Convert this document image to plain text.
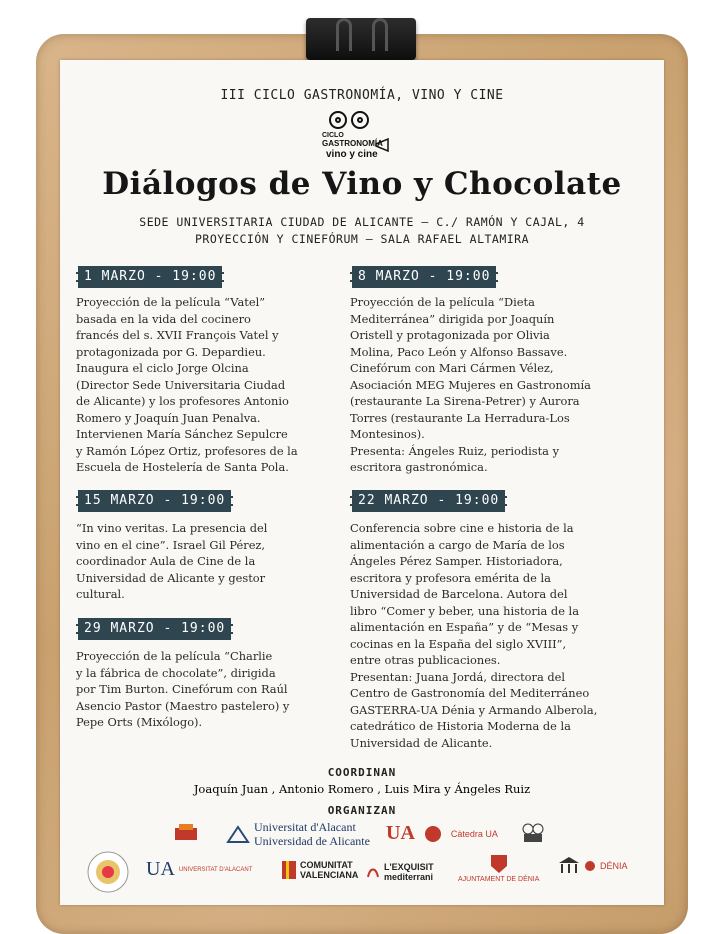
III CICLO GASTRONOMÍA, VINO Y CINE
CICLO
GASTRONOMÍA
vino y cine
Diálogos de Vino y Chocolate
SEDE UNIVERSITARIA CIUDAD DE ALICANTE – C./ RAMÓN Y CAJAL, 4
PROYECCIÓN Y CINEFÓRUM – SALA RAFAEL ALTAMIRA
1 MARZO - 19:00
Proyección de la película “Vatel”
basada en la vida del cocinero
francés del s. XVII François Vatel y
protagonizada por G. Depardieu.
Inaugura el ciclo Jorge Olcina
(Director Sede Universitaria Ciudad
de Alicante) y los profesores Antonio
Romero y Joaquín Juan Penalva.
Intervienen María Sánchez Sepulcre
y Ramón López Ortiz, profesores de la
Escuela de Hostelería de Santa Pola.
8 MARZO - 19:00
Proyección de la película “Dieta
Mediterránea” dirigida por Joaquín
Oristell y protagonizada por Olivia
Molina, Paco León y Alfonso Bassave.
Cinefórum con Mari Cármen Vélez,
Asociación MEG Mujeres en Gastronomía
(restaurante La Sirena-Petrer) y Aurora
Torres (restaurante La Herradura-Los
Montesinos).
Presenta: Ángeles Ruiz, periodista y
escritora gastronómica.
15 MARZO - 19:00
“In vino veritas. La presencia del
vino en el cine”. Israel Gil Pérez,
coordinador Aula de Cine de la
Universidad de Alicante y gestor
cultural.
22 MARZO - 19:00
Conferencia sobre cine e historia de la
alimentación a cargo de María de los
Ángeles Pérez Samper. Historiadora,
escritora y profesora emérita de la
Universidad de Barcelona. Autora del
libro “Comer y beber, una historia de la
alimentación en España” y de “Mesas y
cocinas en la España del siglo XVIII”,
entre otras publicaciones.
Presentan: Juana Jordá, directora del
Centro de Gastronomía del Mediterráneo
GASTERRA-UA Dénia y Armando Alberola,
catedrático de Historia Moderna de la
Universidad de Alicante.
29 MARZO - 19:00
Proyección de la película “Charlie
y la fábrica de chocolate”, dirigida
por Tim Burton. Cinefórum con Raúl
Asencio Pastor (Maestro pastelero) y
Pepe Orts (Mixólogo).
COORDINAN
Joaquín Juan , Antonio Romero , Luis Mira y Ángeles Ruiz
ORGANIZAN
Universitat d'Alacant
Universidad de Alicante UA	Càtedra UA
UA UNIVERSITAT D'ALACANT	COMUNITAT VALENCIANA
L'EXQUISIT
mediterrani	AJUNTAMENT DE DÉNIA
DÉNIA
